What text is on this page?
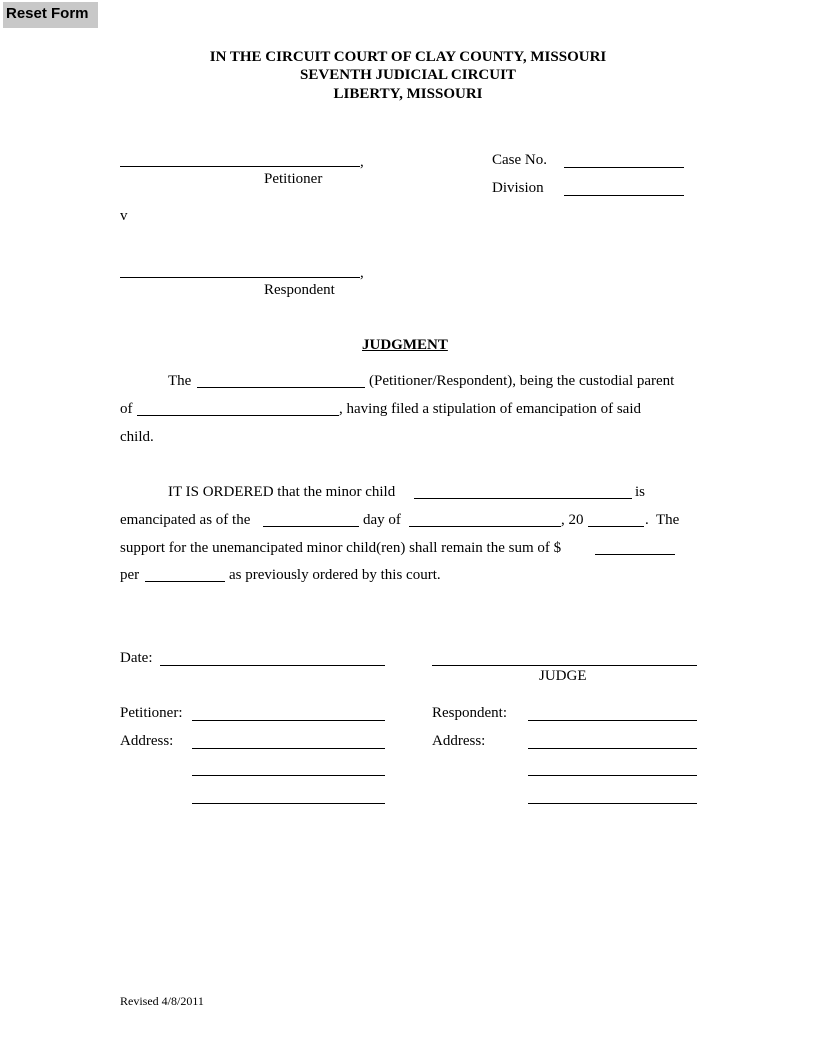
Reset Form
IN THE CIRCUIT COURT OF CLAY COUNTY, MISSOURI
SEVENTH JUDICIAL CIRCUIT
LIBERTY, MISSOURI
,
Petitioner
Case No.
Division
v
,
Respondent
JUDGMENT
The	(Petitioner/Respondent), being the custodial parent
of	, having filed a stipulation of emancipation of said
child.
IT IS ORDERED that the minor child	is
emancipated as of the	day of	, 20	. The
support for the unemancipated minor child(ren) shall remain the sum of $
per	as previously ordered by this court.
Date:
JUDGE
Petitioner:	Respondent:
Address:	Address:
Revised 4/8/2011
